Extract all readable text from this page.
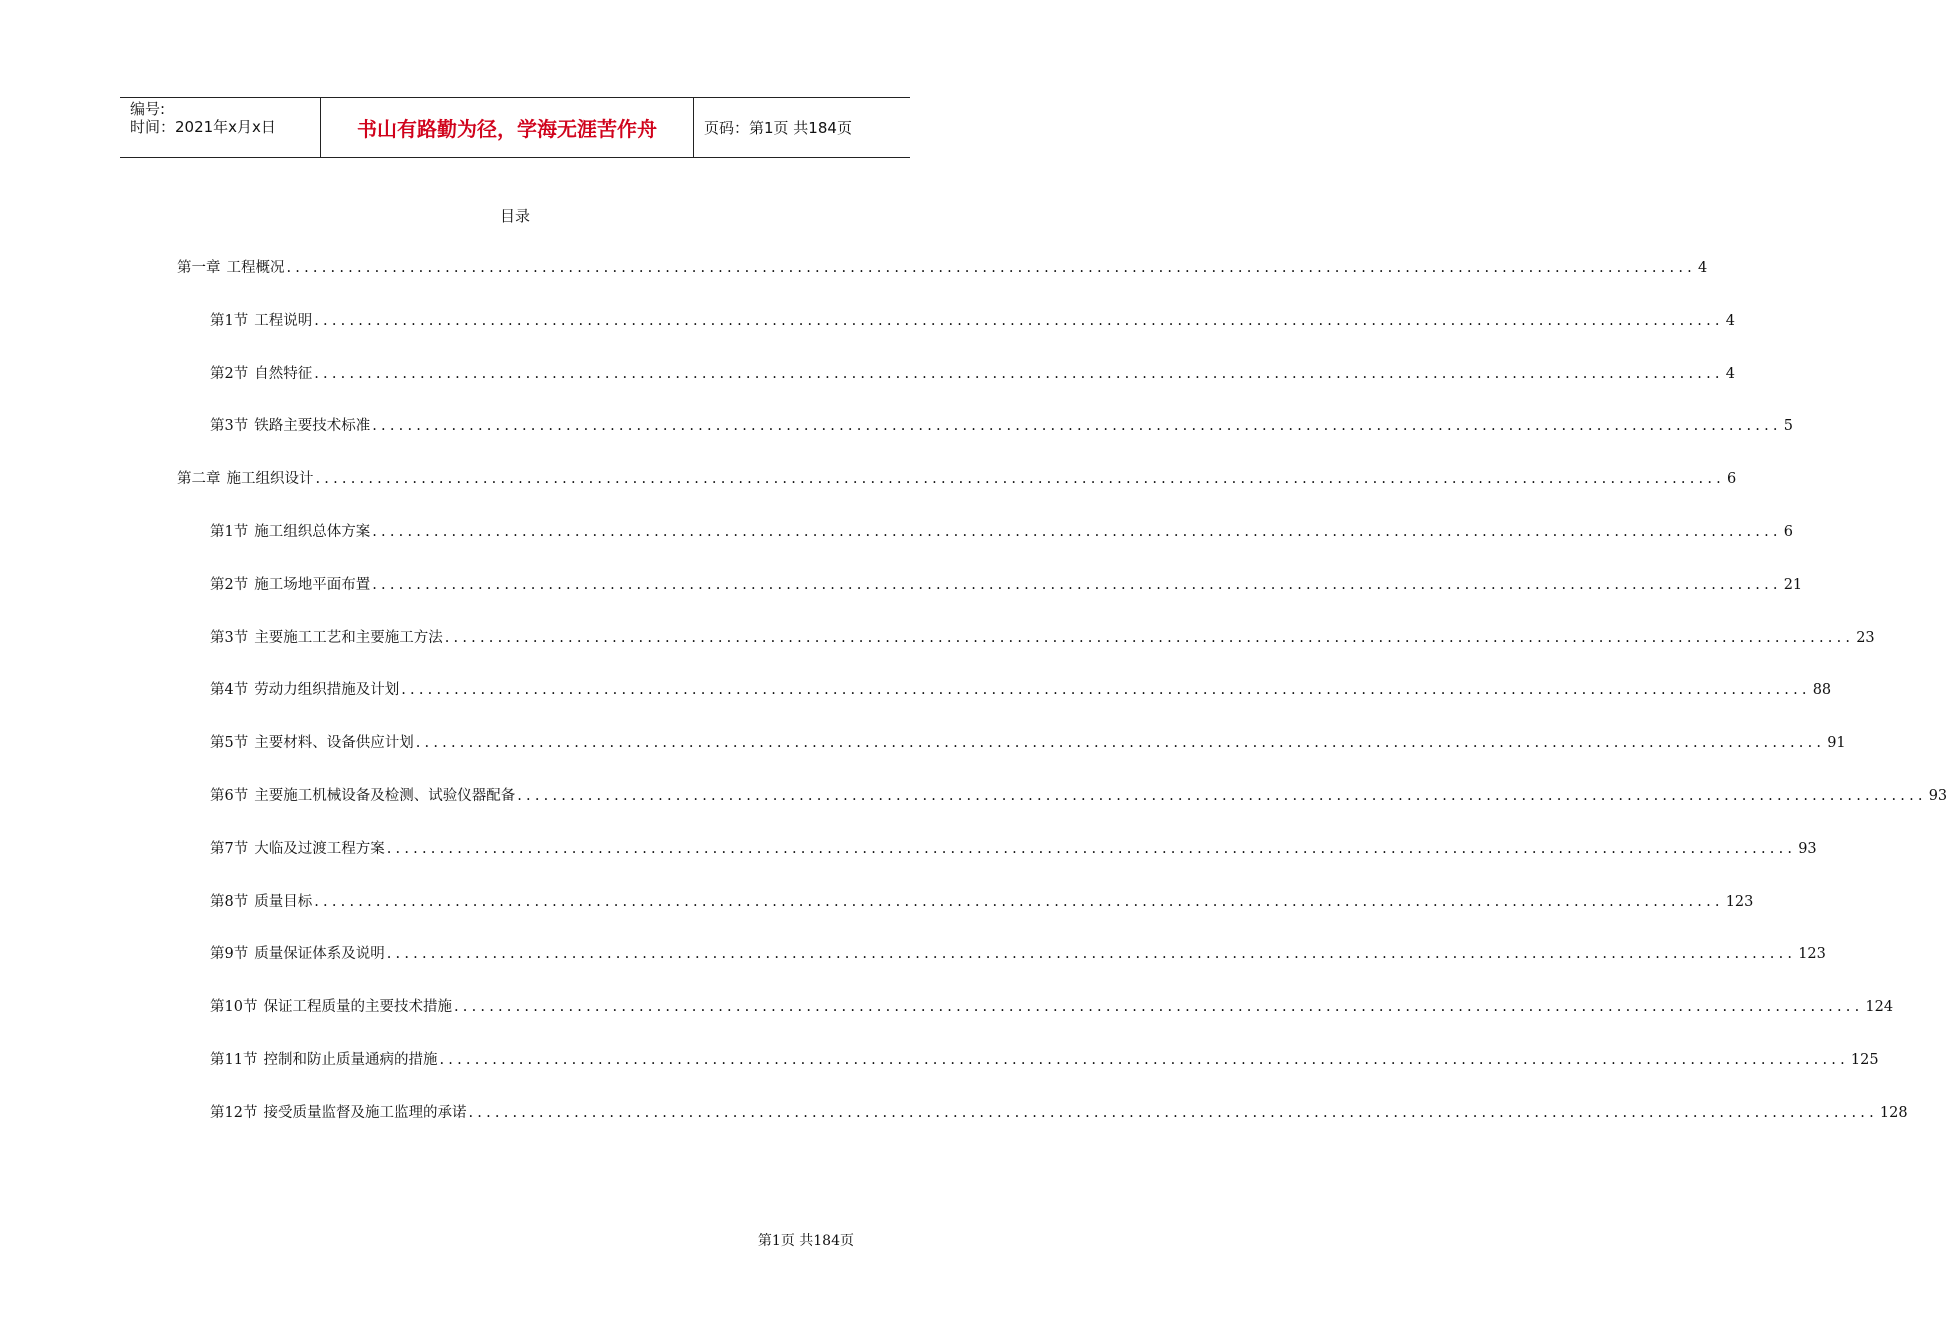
编号:
时间：2021年x月x日	书山有路勤为径，学海无涯苦作舟	页码：第1页 共184页
目录
第一章 工程概况 ................................................................................................................................................................ 4
第1节 工程说明 ................................................................................................................................................................ 4
第2节 自然特征 ................................................................................................................................................................ 4
第3节 铁路主要技术标准 ................................................................................................................................................................ 5
第二章 施工组织设计 ................................................................................................................................................................ 6
第1节 施工组织总体方案 ................................................................................................................................................................ 6
第2节 施工场地平面布置 ................................................................................................................................................................ 21
第3节 主要施工工艺和主要施工方法 ................................................................................................................................................................ 23
第4节 劳动力组织措施及计划 ................................................................................................................................................................ 88
第5节 主要材料、设备供应计划 ................................................................................................................................................................ 91
第6节 主要施工机械设备及检测、试验仪器配备 ................................................................................................................................................................ 93
第7节 大临及过渡工程方案 ................................................................................................................................................................ 93
第8节 质量目标 ................................................................................................................................................................ 123
第9节 质量保证体系及说明 ................................................................................................................................................................ 123
第10节 保证工程质量的主要技术措施 ................................................................................................................................................................ 124
第11节 控制和防止质量通病的措施 ................................................................................................................................................................ 125
第12节 接受质量监督及施工监理的承诺 ................................................................................................................................................................ 128
第1页 共184页
